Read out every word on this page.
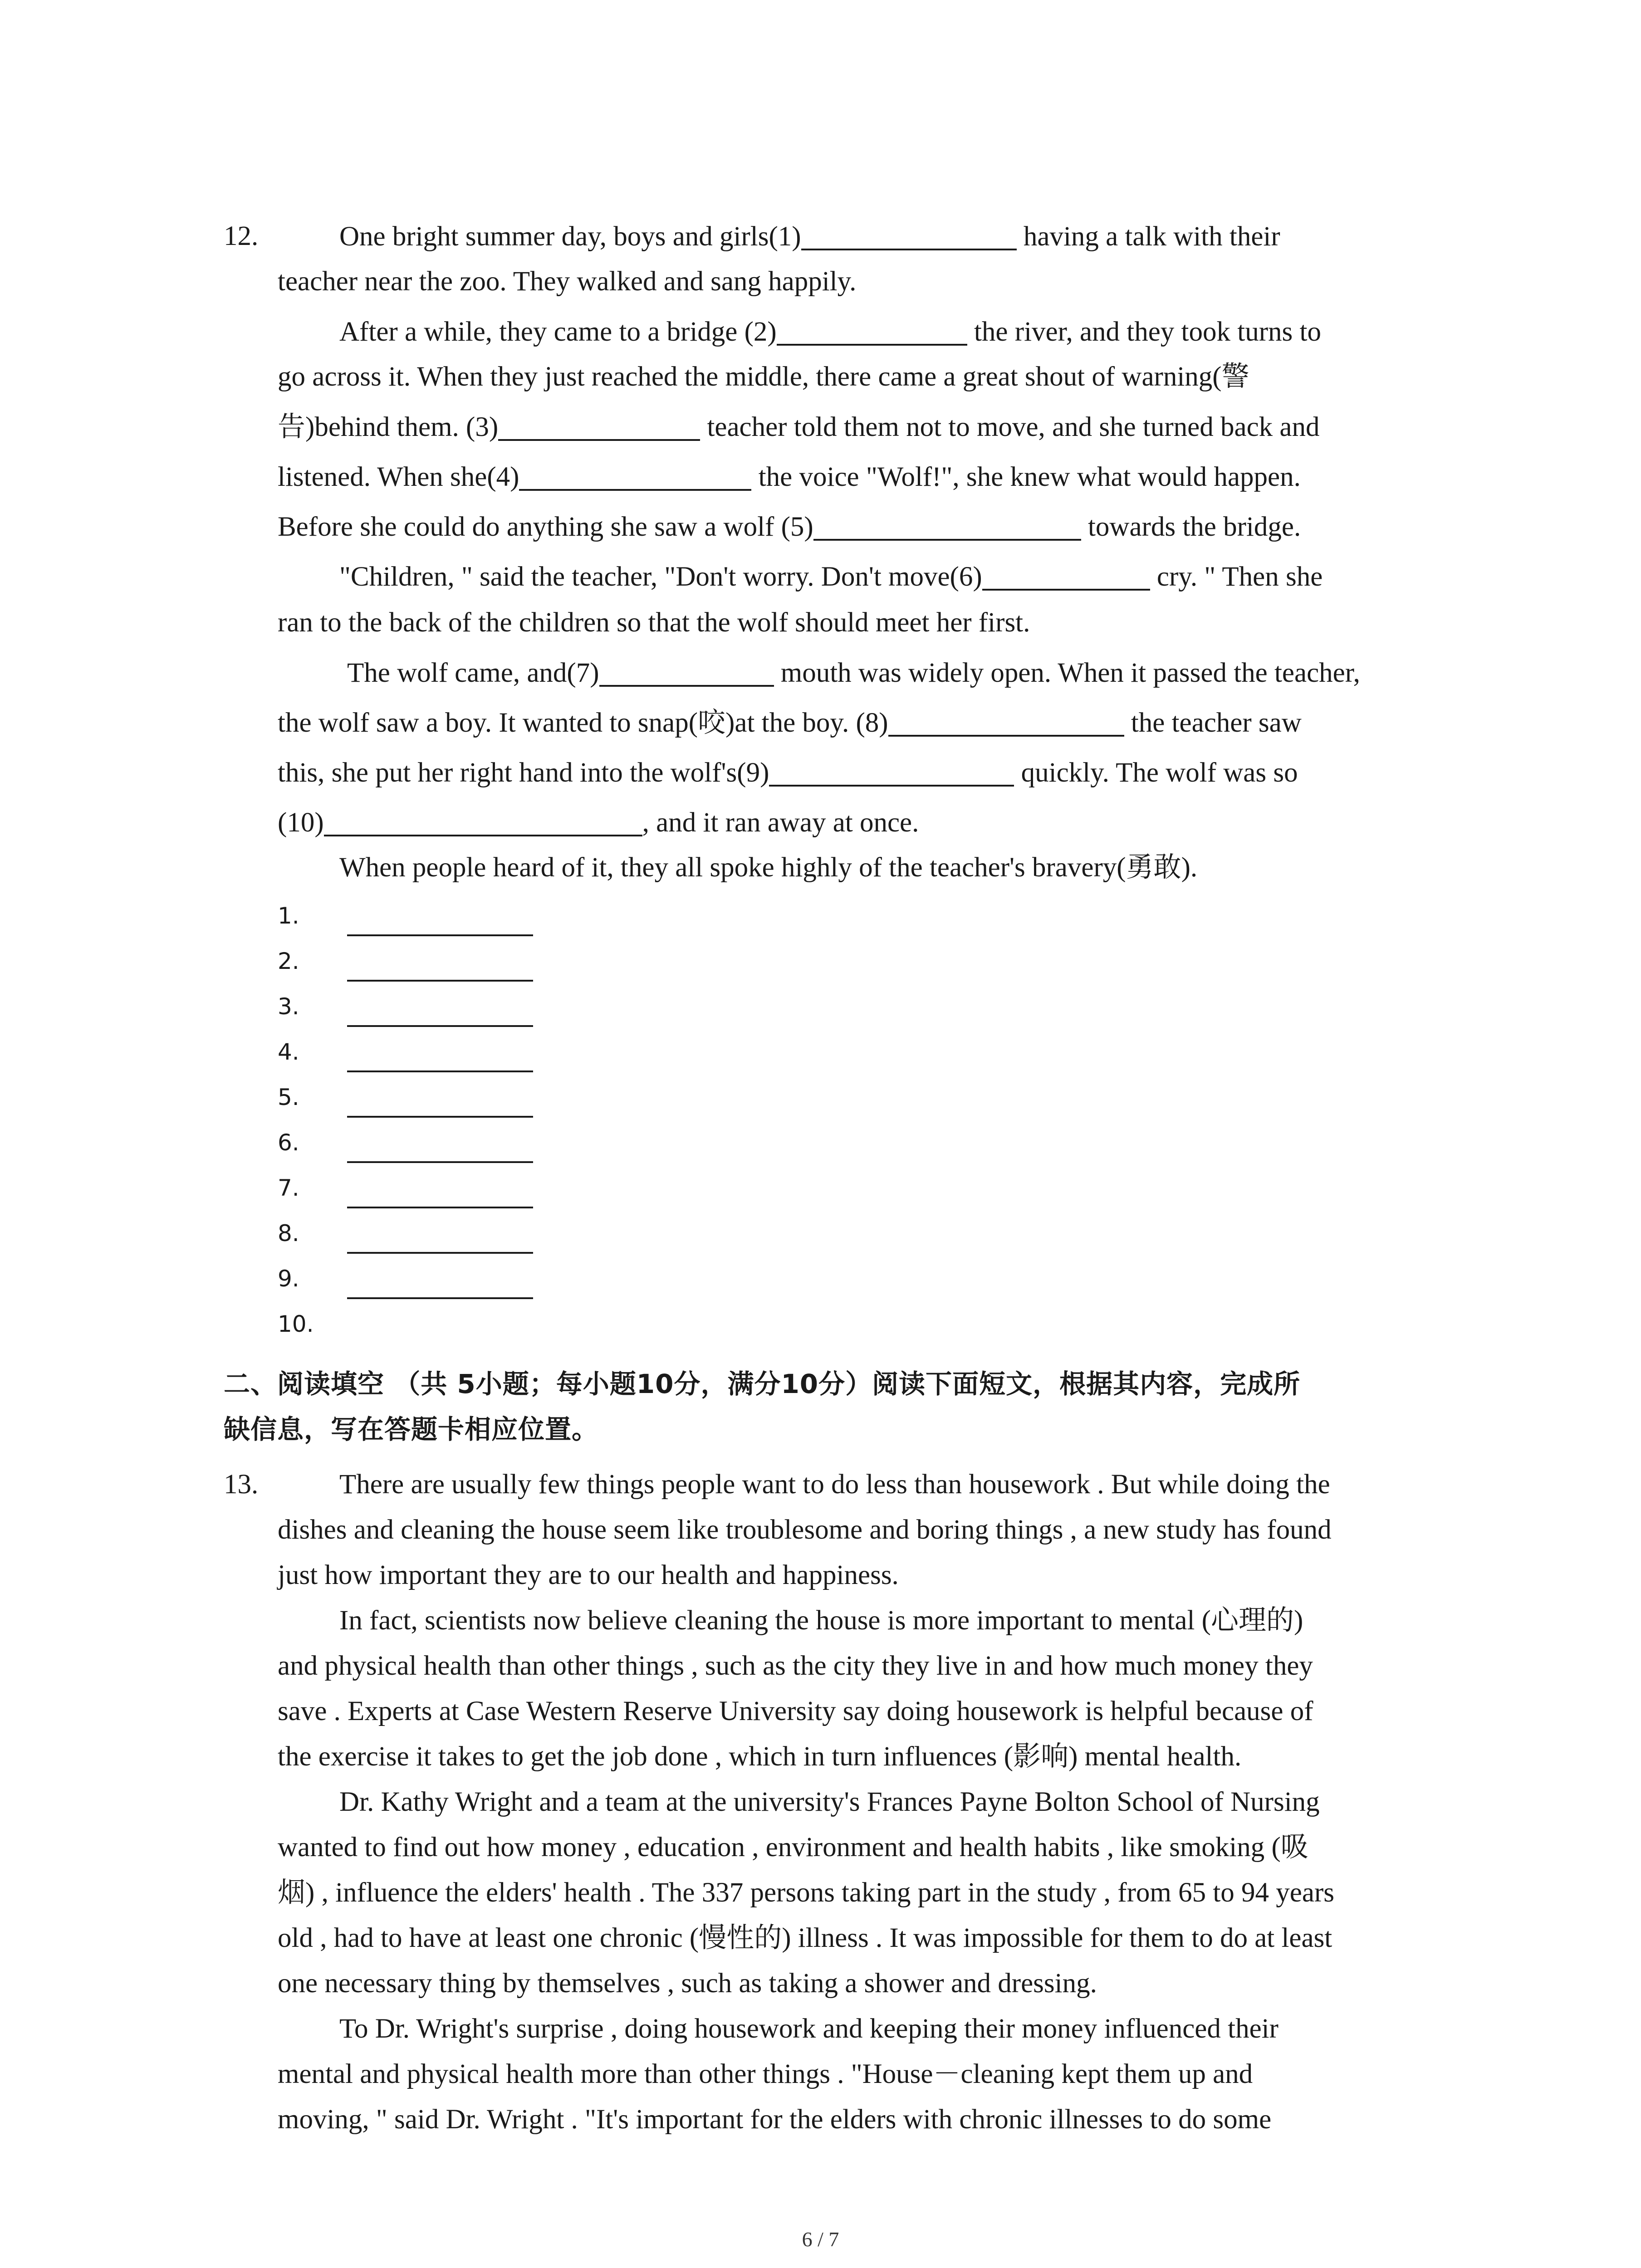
12.	One bright summer day, boys and girls(1)	having a talk with their
teacher near the zoo. They walked and sang happily.
After a while, they came to a bridge (2)	the river, and they took turns to
go across it. When they just reached the middle, there came a great shout of warning(警
告)behind them. (3)	teacher told them not to move, and she turned back and
listened. When she(4)	the voice "Wolf!", she knew what would happen.
Before she could do anything she saw a wolf (5)	towards the bridge.
"Children, " said the teacher, "Don't worry. Don't move(6)	cry. " Then she
ran to the back of the children so that the wolf should meet her first.
The wolf came, and(7)	mouth was widely open. When it passed the teacher,
the wolf saw a boy. It wanted to snap(咬)at the boy. (8)	the teacher saw
this, she put her right hand into the wolf's(9)	quickly. The wolf was so
(10)	, and it ran away at once.
When people heard of it, they all spoke highly of the teacher's bravery(勇敢).
1.
2.
3.
4.
5.
6.
7.
8.
9.
10.
二、阅读填空 （共 5小题；每小题10分，满分10分）阅读下面短文，根据其内容，完成所
缺信息，写在答题卡相应位置。
13.	There are usually few things people want to do less than housework . But while doing the
dishes and cleaning the house seem like troublesome and boring things , a new study has found
just how important they are to our health and happiness.
In fact, scientists now believe cleaning the house is more important to mental (心理的)
and physical health than other things , such as the city they live in and how much money they
save . Experts at Case Western Reserve University say doing housework is helpful because of
the exercise it takes to get the job done , which in turn influences (影响) mental health.
Dr. Kathy Wright and a team at the university's Frances Payne Bolton School of Nursing
wanted to find out how money , education , environment and health habits , like smoking (吸
烟) , influence the elders' health . The 337 persons taking part in the study , from 65 to 94 years
old , had to have at least one chronic (慢性的) illness . It was impossible for them to do at least
one necessary thing by themselves , such as taking a shower and dressing.
To Dr. Wright's surprise , doing housework and keeping their money influenced their
mental and physical health more than other things . "House－cleaning kept them up and
moving, " said Dr. Wright . "It's important for the elders with chronic illnesses to do some
6 / 7
